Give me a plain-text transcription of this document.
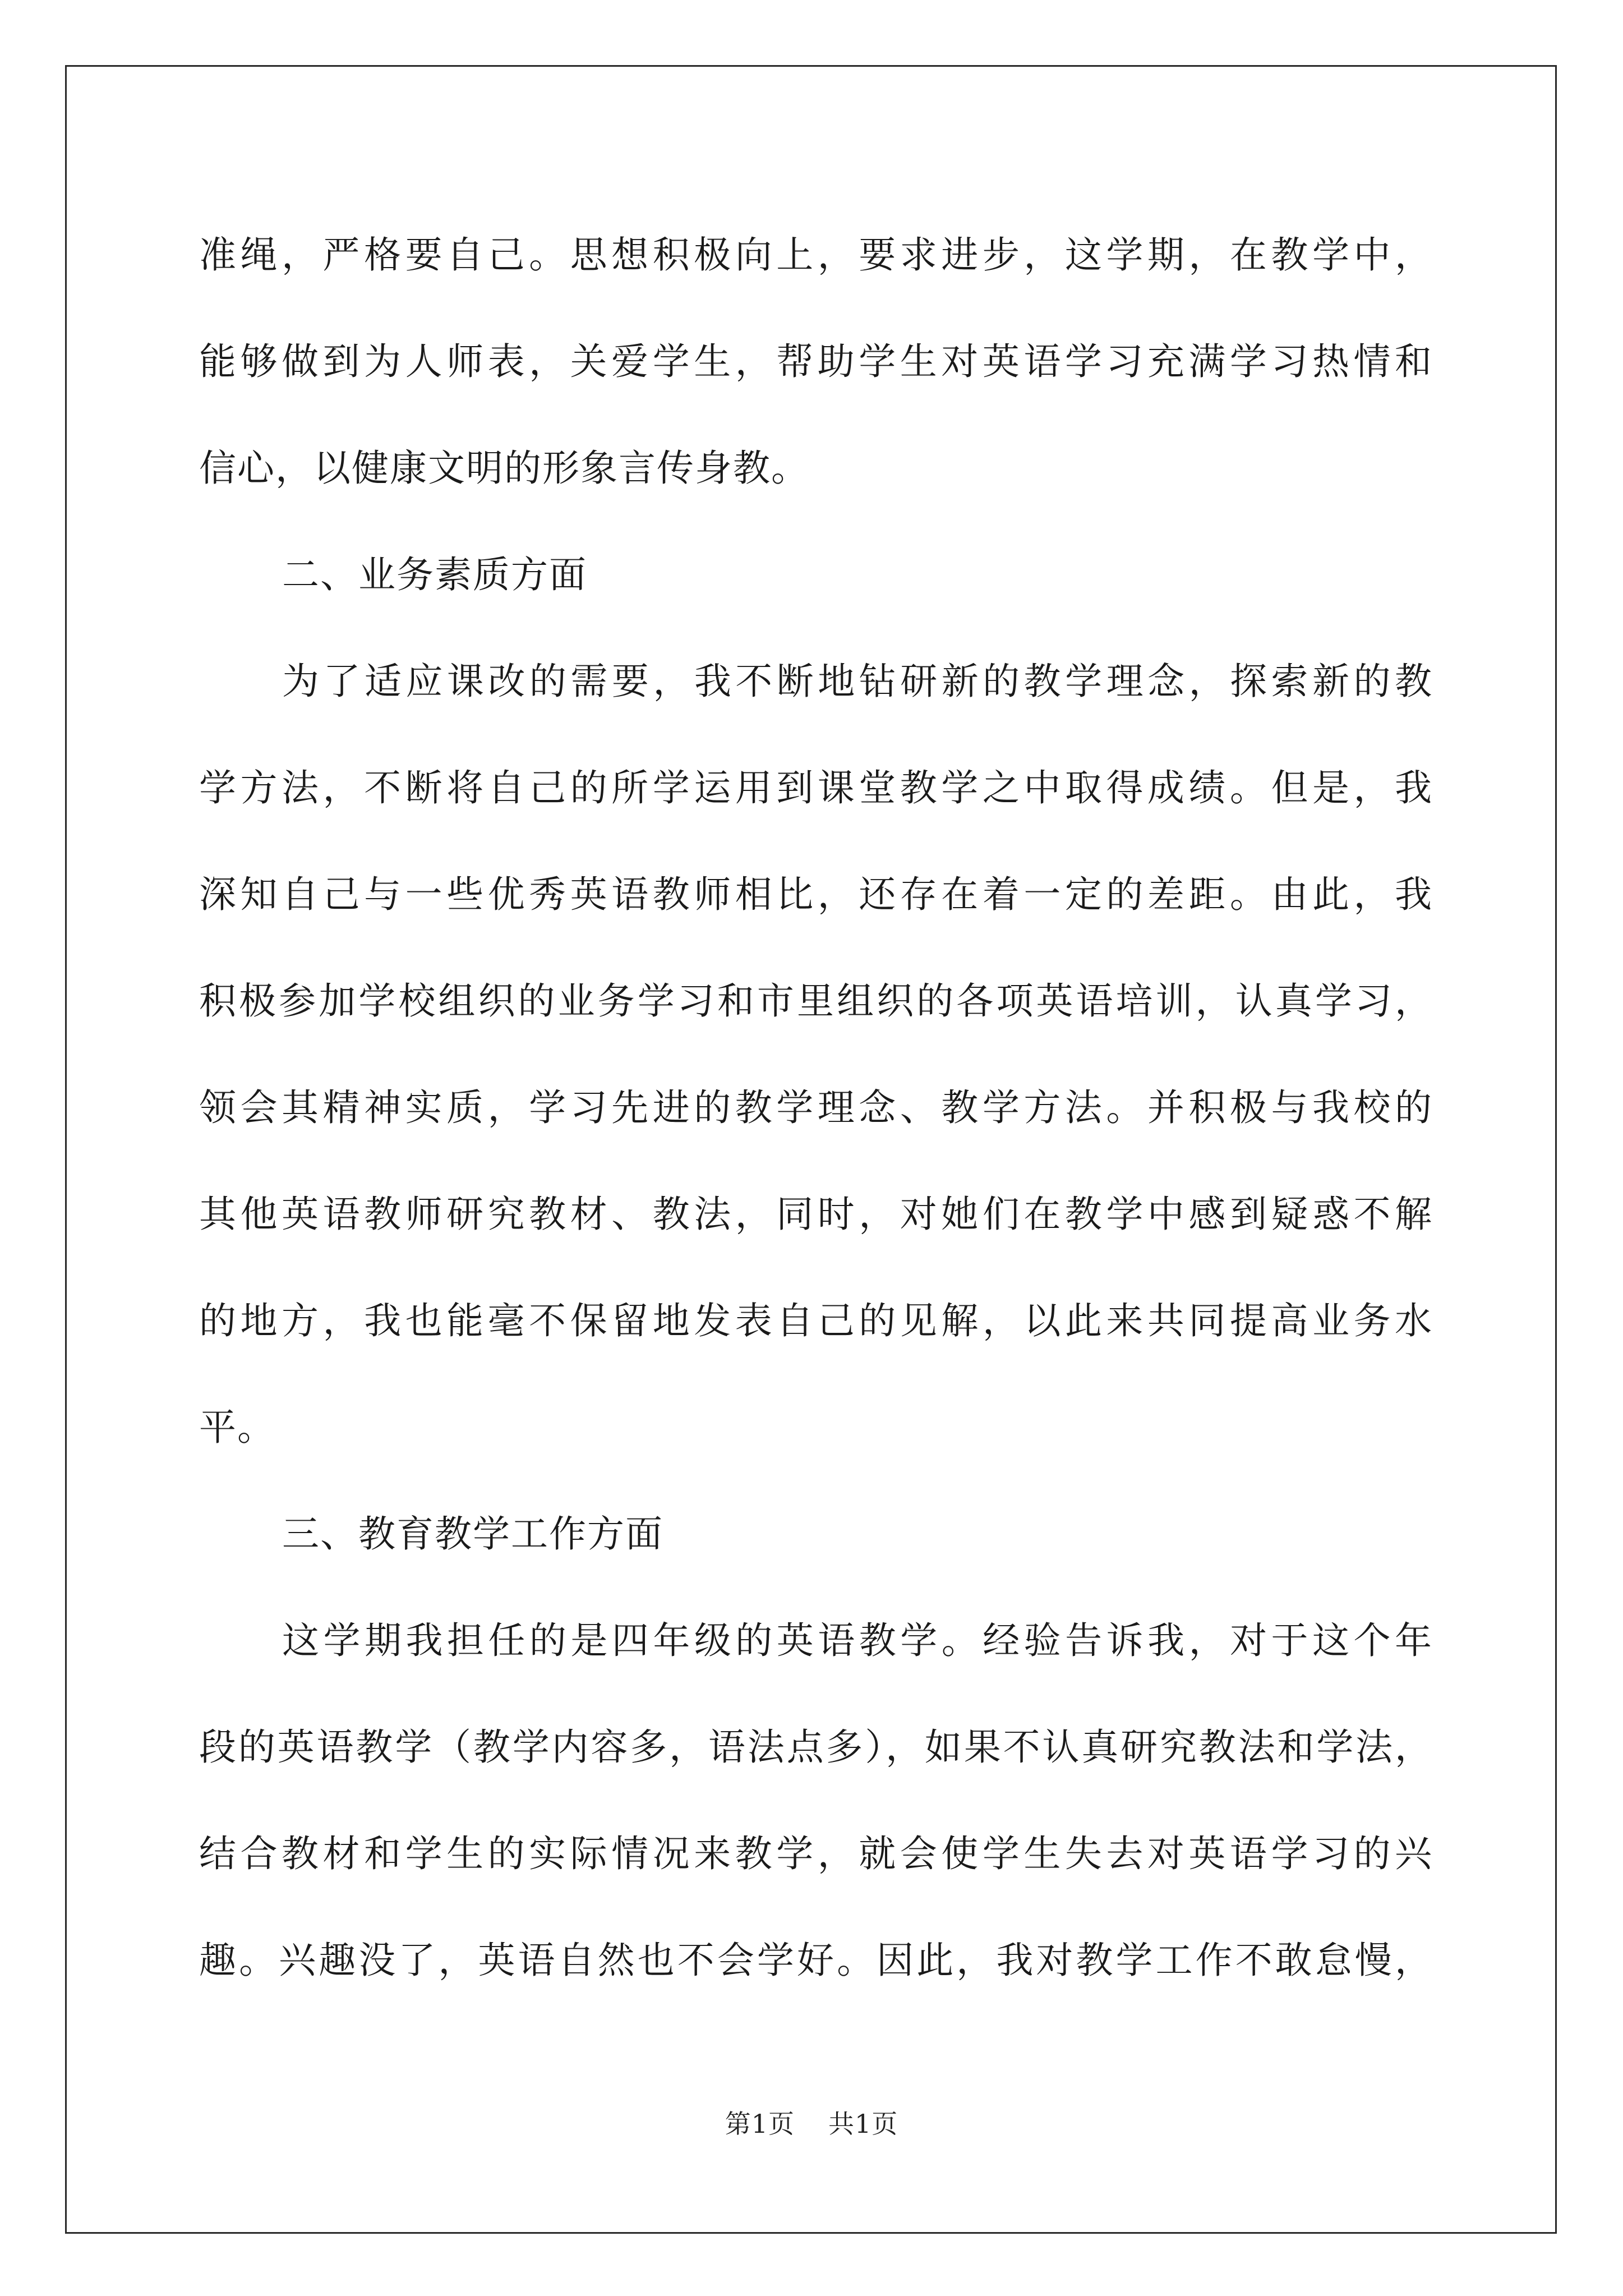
准绳，严格要自己。思想积极向上，要求进步，这学期，在教学中，
能够做到为人师表，关爱学生，帮助学生对英语学习充满学习热情和
信心，以健康文明的形象言传身教。
二、业务素质方面
为了适应课改的需要，我不断地钻研新的教学理念，探索新的教
学方法，不断将自己的所学运用到课堂教学之中取得成绩。但是，我
深知自己与一些优秀英语教师相比，还存在着一定的差距。由此，我
积极参加学校组织的业务学习和市里组织的各项英语培训，认真学习，
领会其精神实质，学习先进的教学理念、教学方法。并积极与我校的
其他英语教师研究教材、教法，同时，对她们在教学中感到疑惑不解
的地方，我也能毫不保留地发表自己的见解，以此来共同提高业务水
平。
三、教育教学工作方面
这学期我担任的是四年级的英语教学。经验告诉我，对于这个年
段的英语教学（教学内容多，语法点多），如果不认真研究教法和学法，
结合教材和学生的实际情况来教学，就会使学生失去对英语学习的兴
趣。兴趣没了，英语自然也不会学好。因此，我对教学工作不敢怠慢，
第1页 共1页
